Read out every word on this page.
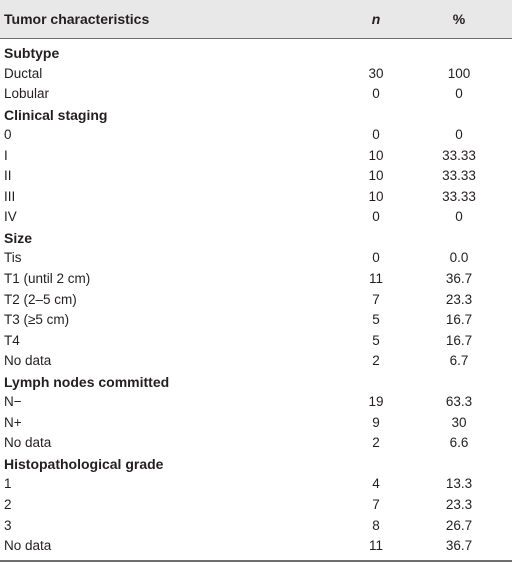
Tumor characteristics	n	%
Subtype
Ductal	30	100
Lobular	0	0
Clinical staging
0	0	0
I	10	33.33
II	10	33.33
III	10	33.33
IV	0	0
Size
Tis	0	0.0
T1 (until 2 cm)	11	36.7
T2 (2–5 cm)	7	23.3
T3 (≥5 cm)	5	16.7
T4	5	16.7
No data	2	6.7
Lymph nodes committed
N−	19	63.3
N+	9	30
No data	2	6.6
Histopathological grade
1	4	13.3
2	7	23.3
3	8	26.7
No data	11	36.7
